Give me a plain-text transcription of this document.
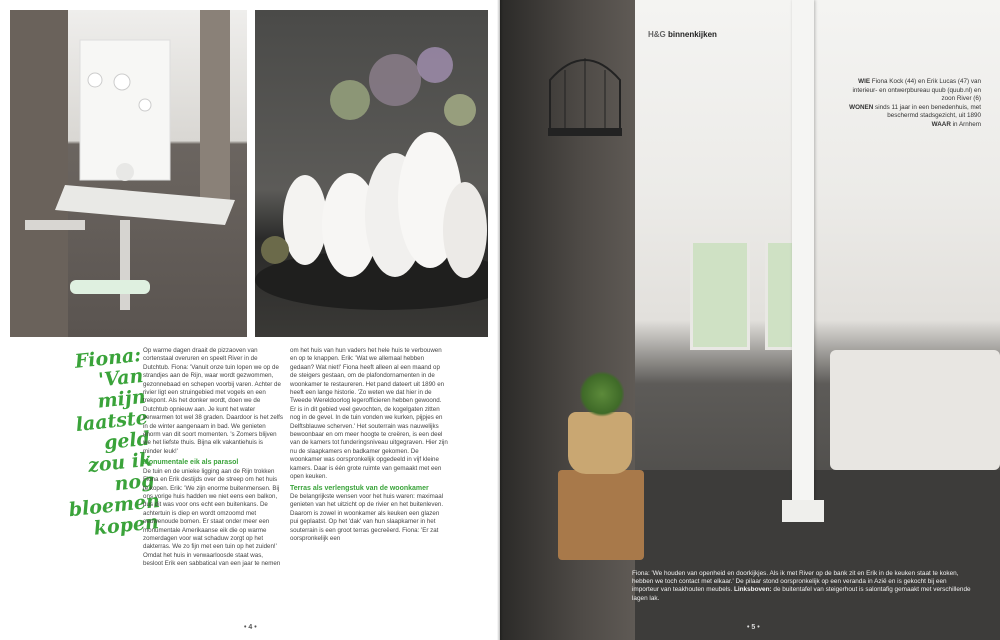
Fiona: 'Van mijn laatste geld zou ik nog bloemen kopen

Op warme dagen draait de pizzaoven van cortenstaal overuren en speelt River in de Dutchtub. Fiona: 'Vanuit onze tuin lopen we op de strandjes aan de Rijn, waar wordt gezwommen, gezonnebaad en schepen voorbij varen. Achter de rivier ligt een struingebied met vogels en een trekpont. Als het donker wordt, doen we de Dutchtub opnieuw aan. Je kunt het water verwarmen tot wel 38 graden. Daardoor is het zelfs in de winter aangenaam in bad. We genieten enorm van dit soort momenten. 's Zomers blijven we het liefste thuis. Bijna elk vakantiehuis is minder leuk!'

Monumentale eik als parasol

De tuin en de unieke ligging aan de Rijn trokken Fiona en Erik destijds over de streep om het huis te kopen. Erik: 'We zijn enorme buitenmensen. Bij ons vorige huis hadden we niet eens een balkon, dus dit was voor ons echt een buitenkans. De achtertuin is diep en wordt omzoomd met eeuwenoude bomen. Er staat onder meer een monumentale Amerikaanse eik die op warme zomerdagen voor wat schaduw zorgt op het dakterras. We zo fijn met een tuin op het zuiden!' Omdat het huis in verwaarloosde staat was, besloot Erik een sabbatical van een jaar te nemen

om het huis van hun vaders het hele huis te verbouwen en op te knappen. Erik: 'Wat we allemaal hebben gedaan? Wat niet!' Fiona heeft alleen al een maand op de steigers gestaan, om de plafondornamenten in de woonkamer te restaureren. Het pand dateert uit 1890 en heeft een lange historie. 'Zo weten we dat hier in de Tweede Wereldoorlog legerofficieren hebben gewoond. Er is in dit gebied veel gevochten, de kogelgaten zitten nog in de gevel. In de tuin vonden we kurken, pijpjes en Delftsblauwe scherven.' Het souterrain was nauwelijks bewoonbaar en om meer hoogte te creëren, is een deel van de kamers tot funderingsniveau uitgegraven. Hier zijn nu de slaapkamers en badkamer gekomen. De woonkamer was oorspronkelijk opgedeeld in vijf kleine kamers. Daar is één grote ruimte van gemaakt met een open keuken.

Terras als verlengstuk van de woonkamer

De belangrijkste wensen voor het huis waren: maximaal genieten van het uitzicht op de rivier en het buitenleven. Daarom is zowel in woonkamer als keuken een glazen pui geplaatst. Op het 'dak' van hun slaapkamer in het souterrain is een groot terras gecreëerd. Fiona: 'Er zat oorspronkelijk een

• 4 •
H&G binnenkijken
WIE Fiona Kock (44) en Erik Lucas (47) van interieur- en ontwerpbureau quub (quub.nl) en zoon River (6)
WONEN sinds 11 jaar in een benedenhuis, met beschermd stadsgezicht, uit 1890
WAAR in Arnhem
Fiona: 'We houden van openheid en doorkijkjes. Als ik met River op de bank zit en Erik in de keuken staat te koken, hebben we toch contact met elkaar.' De pilaar stond oorspronkelijk op een veranda in Azië en is gekocht bij een importeur van teakhouten meubels. Linksboven: de buitentafel van steigerhout is salontafig gemaakt met verschillende lagen lak.
• 5 •
